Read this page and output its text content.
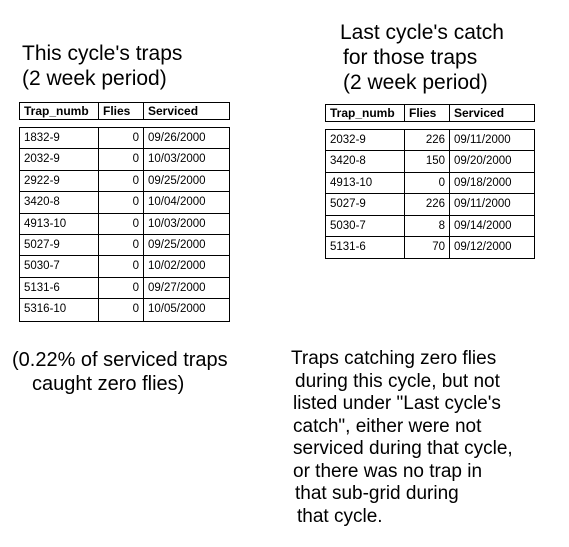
This cycle's traps
(2 week period)
Last cycle's catch
for those traps
(2 week period)
Trap_numb	Flies	Serviced
1832-9	0 09/26/2000
2032-9	0 10/03/2000
2922-9	0 09/25/2000
3420-8	0 10/04/2000
4913-10	0 10/03/2000
5027-9	0 09/25/2000
5030-7	0 10/02/2000
5131-6	0 09/27/2000
5316-10	0 10/05/2000
Trap_numb	Flies	Serviced
2032-9	226 09/11/2000
3420-8	150 09/20/2000
4913-10	0 09/18/2000
5027-9	226 09/11/2000
5030-7	8 09/14/2000
5131-6	70 09/12/2000
(0.22% of serviced traps
caught zero flies)
Traps catching zero flies
during this cycle, but not
listed under "Last cycle's
catch", either were not
serviced during that cycle,
or there was no trap in
that sub-grid during
that cycle.
